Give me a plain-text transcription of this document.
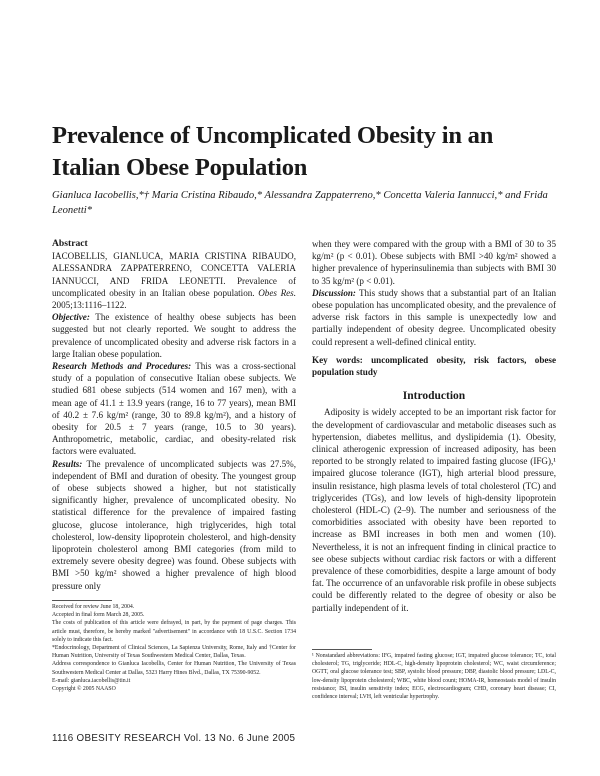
Prevalence of Uncomplicated Obesity in an Italian Obese Population
Gianluca Iacobellis,*† Maria Cristina Ribaudo,* Alessandra Zappaterreno,* Concetta Valeria Iannucci,* and Frida Leonetti*

Abstract

IACOBELLIS, GIANLUCA, MARIA CRISTINA RIBAUDO, ALESSANDRA ZAPPATERRENO, CONCETTA VALERIA IANNUCCI, AND FRIDA LEONETTI. Prevalence of uncomplicated obesity in an Italian obese population. Obes Res. 2005;13:1116–1122.

Objective: The existence of healthy obese subjects has been suggested but not clearly reported. We sought to address the prevalence of uncomplicated obesity and adverse risk factors in a large Italian obese population.

Research Methods and Procedures: This was a cross-sectional study of a population of consecutive Italian obese subjects. We studied 681 obese subjects (514 women and 167 men), with a mean age of 41.1 ± 13.9 years (range, 16 to 77 years), mean BMI of 40.2 ± 7.6 kg/m² (range, 30 to 89.8 kg/m²), and a history of obesity for 20.5 ± 7 years (range, 10.5 to 30 years). Anthropometric, metabolic, cardiac, and obesity-related risk factors were evaluated.

Results: The prevalence of uncomplicated subjects was 27.5%, independent of BMI and duration of obesity. The youngest group of obese subjects showed a higher, but not statistically significantly higher, prevalence of uncomplicated obesity. No statistical difference for the prevalence of impaired fasting glucose, glucose intolerance, high triglycerides, high total cholesterol, low-density lipoprotein cholesterol, and high-density lipoprotein cholesterol among BMI categories (from mild to extremely severe obesity degree) was found. Obese subjects with BMI >50 kg/m² showed a higher prevalence of high blood pressure only

Received for review June 18, 2004.
Accepted in final form March 28, 2005.
The costs of publication of this article were defrayed, in part, by the payment of page charges. This article must, therefore, be hereby marked "advertisement" in accordance with 18 U.S.C. Section 1734 solely to indicate this fact.
*Endocrinology, Department of Clinical Sciences, La Sapienza University, Rome, Italy and †Center for Human Nutrition, University of Texas Southwestern Medical Center, Dallas, Texas.
Address correspondence to Gianluca Iacobellis, Center for Human Nutrition, The University of Texas Southwestern Medical Center at Dallas, 5323 Harry Hines Blvd., Dallas, TX 75390-9052.
E-mail: gianluca.iacobellis@tin.it
Copyright © 2005 NAASO

when they were compared with the group with a BMI of 30 to 35 kg/m² (p < 0.01). Obese subjects with BMI >40 kg/m² showed a higher prevalence of hyperinsulinemia than subjects with BMI 30 to 35 kg/m² (p < 0.01).

Discussion: This study shows that a substantial part of an Italian obese population has uncomplicated obesity, and the prevalence of adverse risk factors in this sample is unexpectedly low and partially independent of obesity degree. Uncomplicated obesity could represent a well-defined clinical entity.

Key words: uncomplicated obesity, risk factors, obese population study

Introduction

Adiposity is widely accepted to be an important risk factor for the development of cardiovascular and metabolic diseases such as hypertension, diabetes mellitus, and dyslipidemia (1). Obesity, clinical atherogenic expression of increased adiposity, has been reported to be strongly related to impaired fasting glucose (IFG),¹ impaired glucose tolerance (IGT), high arterial blood pressure, insulin resistance, high plasma levels of total cholesterol (TC) and triglycerides (TGs), and low levels of high-density lipoprotein cholesterol (HDL-C) (2–9). The number and seriousness of the comorbidities associated with obesity have been reported to increase as BMI increases in both men and women (10). Nevertheless, it is not an infrequent finding in clinical practice to see obese subjects without cardiac risk factors or with a different prevalence of these comorbidities, despite a large amount of body fat. The occurrence of an unfavorable risk profile in obese subjects could be differently related to the degree of obesity or also be partially independent of it.

¹ Nonstandard abbreviations: IFG, impaired fasting glucose; IGT, impaired glucose tolerance; TC, total cholesterol; TG, triglyceride; HDL-C, high-density lipoprotein cholesterol; WC, waist circumference; OGTT, oral glucose tolerance test; SBP, systolic blood pressure; DBP, diastolic blood pressure; LDL-C, low-density lipoprotein cholesterol; WBC, white blood count; HOMA-IR, homeostasis model of insulin resistance; ISI, insulin sensitivity index; ECG, electrocardiogram; CHD, coronary heart disease; CI, confidence interval; LVH, left ventricular hypertrophy.
1116 OBESITY RESEARCH Vol. 13 No. 6 June 2005
